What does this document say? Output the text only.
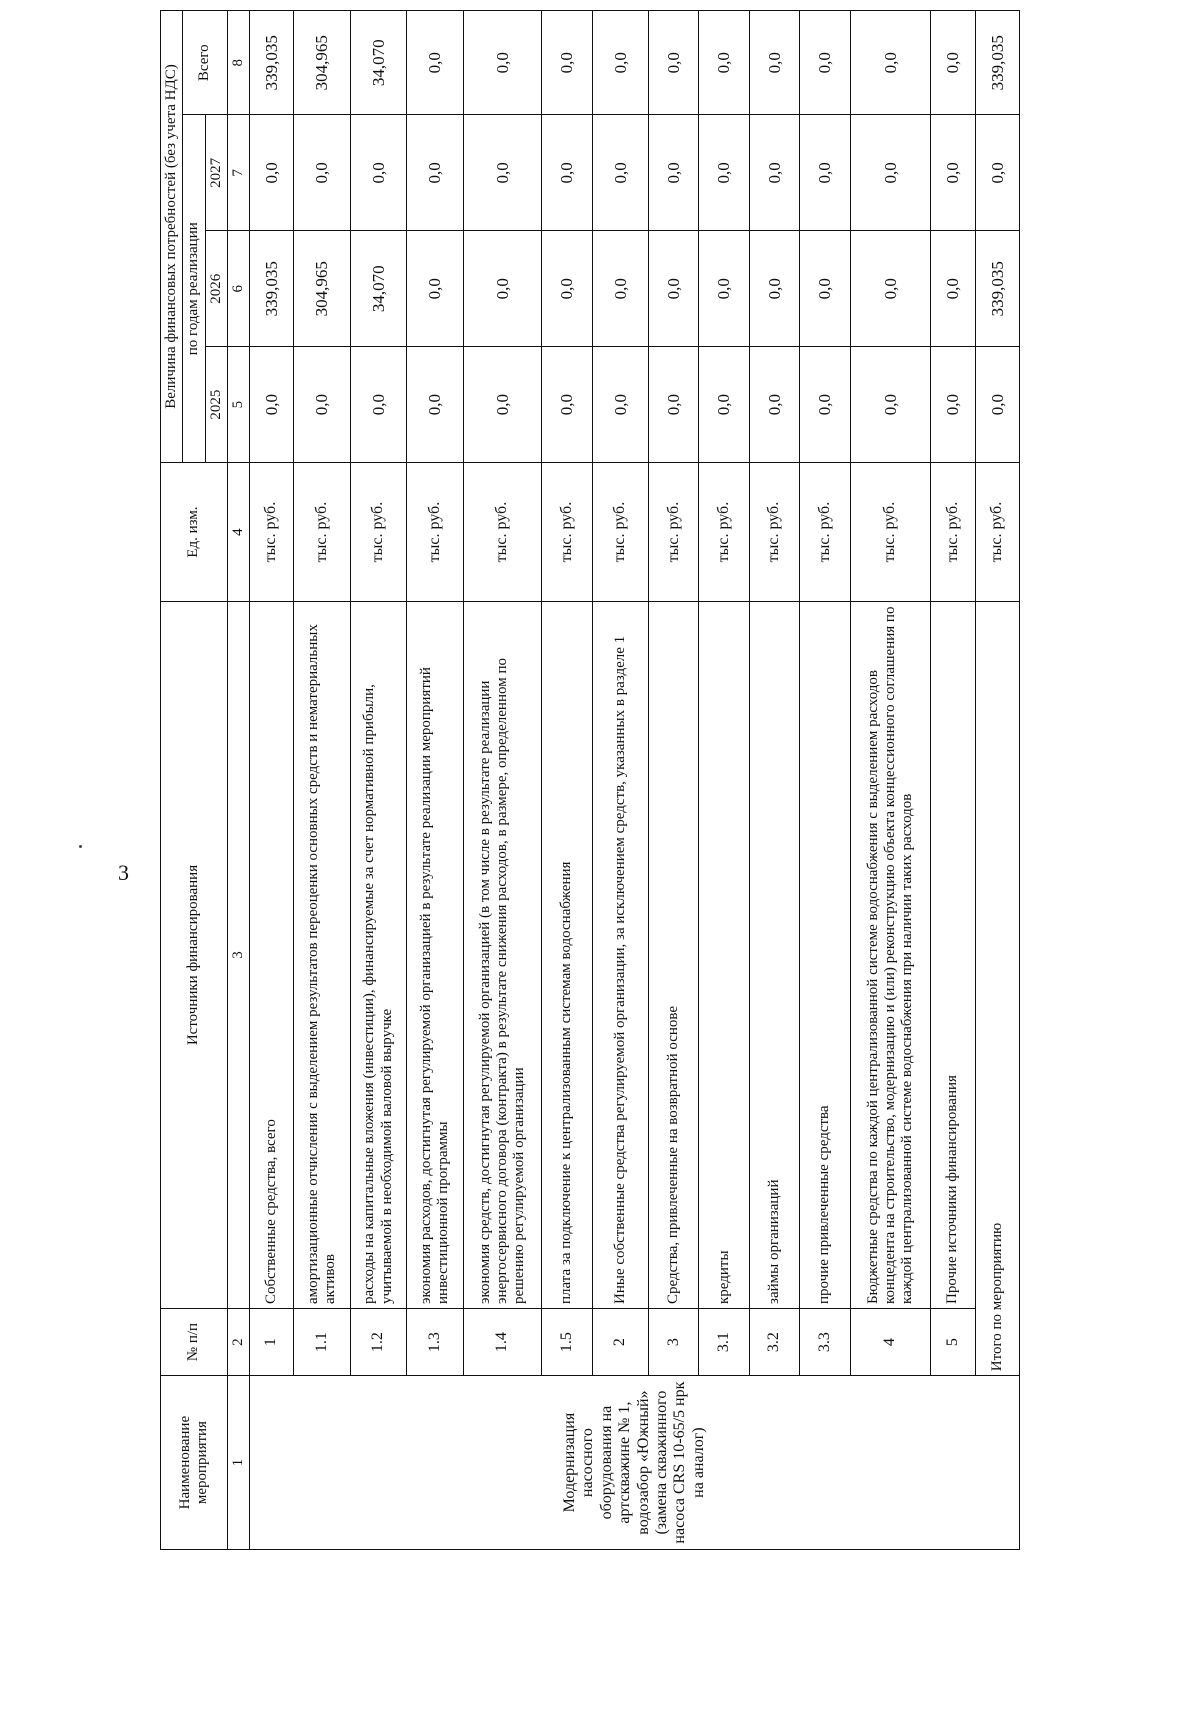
3
Наименование мероприятия	№ п/п	Источники финансирования	Ед. изм.	Величина финансовых потребностей (без учета НДС)			
				по годам реализации			Всего
				2025	2026	2027	
1	2	3	4	5	6	7	8
Модернизация насосного оборудования на артскважине № 1, водозабор «Южный» (замена скважинного насоса CRS 10-65/5 нрк на аналог)	1	Собственные средства, всего	тыс. руб.	0,0	339,035	0,0	339,035
	1.1	амортизационные отчисления с выделением результатов переоценки основных средств и нематериальных активов	тыс. руб.	0,0	304,965	0,0	304,965
	1.2	расходы на капитальные вложения (инвестиции), финансируемые за счет нормативной прибыли, учитываемой в необходимой валовой выручке	тыс. руб.	0,0	34,070	0,0	34,070
	1.3	экономия расходов, достигнутая регулируемой организацией в результате реализации мероприятий инвестиционной программы	тыс. руб.	0,0	0,0	0,0	0,0
	1.4	экономия средств, достигнутая регулируемой организацией (в том числе в результате реализации энергосервисного договора (контракта) в результате снижения расходов, в размере, определенном по решению регулируемой организации	тыс. руб.	0,0	0,0	0,0	0,0
	1.5	плата за подключение к централизованным системам водоснабжения	тыс. руб.	0,0	0,0	0,0	0,0
	2	Иные собственные средства регулируемой организации, за исключением средств, указанных в разделе 1	тыс. руб.	0,0	0,0	0,0	0,0
	3	Средства, привлеченные на возвратной основе	тыс. руб.	0,0	0,0	0,0	0,0
	3.1	кредиты	тыс. руб.	0,0	0,0	0,0	0,0
	3.2	займы организаций	тыс. руб.	0,0	0,0	0,0	0,0
	3.3	прочие привлеченные средства	тыс. руб.	0,0	0,0	0,0	0,0
	4	Бюджетные средства по каждой централизованной системе водоснабжения с выделением расходов концедента на строительство, модернизацию и (или) реконструкцию объекта концессионного соглашения по каждой централизованной системе водоснабжения при наличии таких расходов	тыс. руб.	0,0	0,0	0,0	0,0
	5	Прочие источники финансирования	тыс. руб.	0,0	0,0	0,0	0,0
	Итого по мероприятию		тыс. руб.	0,0	339,035	0,0	339,035
